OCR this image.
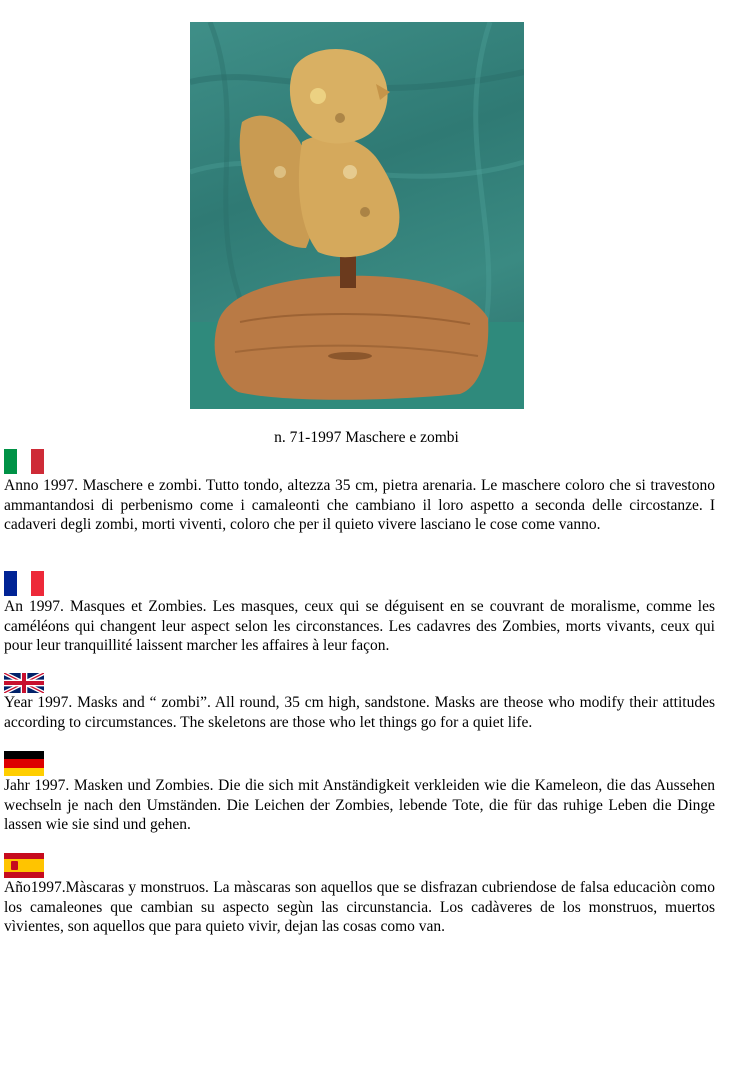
n. 71-1997 Maschere e zombi
Anno 1997. Maschere e zombi. Tutto tondo, altezza 35 cm, pietra arenaria. Le maschere coloro che si travestono ammantandosi di perbenismo come i camaleonti che cambiano il loro aspetto a seconda delle circostanze. I cadaveri degli zombi, morti viventi, coloro che per il quieto vivere lasciano le cose come vanno.
An 1997. Masques et Zombies. Les masques, ceux qui se déguisent en se couvrant de moralisme, comme les caméléons qui changent leur aspect selon les circonstances. Les cadavres des Zombies, morts vivants, ceux qui pour leur tranquillité laissent marcher les affaires à leur façon.
Year 1997. Masks and “ zombi”. All round, 35 cm high, sandstone. Masks are theose who modify their attitudes according to circumstances. The skeletons are those who let things go for a quiet life.
Jahr 1997. Masken und Zombies. Die die sich mit Anständigkeit verkleiden wie die Kameleon, die das Aussehen wechseln je nach den Umständen. Die Leichen der Zombies, lebende Tote, die für das ruhige Leben die Dinge lassen wie sie sind und gehen.
Año1997.Màscaras y monstruos. La màscaras son aquellos que se disfrazan cubriendose de falsa educaciòn como los camaleones que cambian su aspecto segùn las circunstancia. Los cadàveres de los monstruos, muertos vìvientes, son aquellos que para quieto vivir, dejan las cosas como van.
